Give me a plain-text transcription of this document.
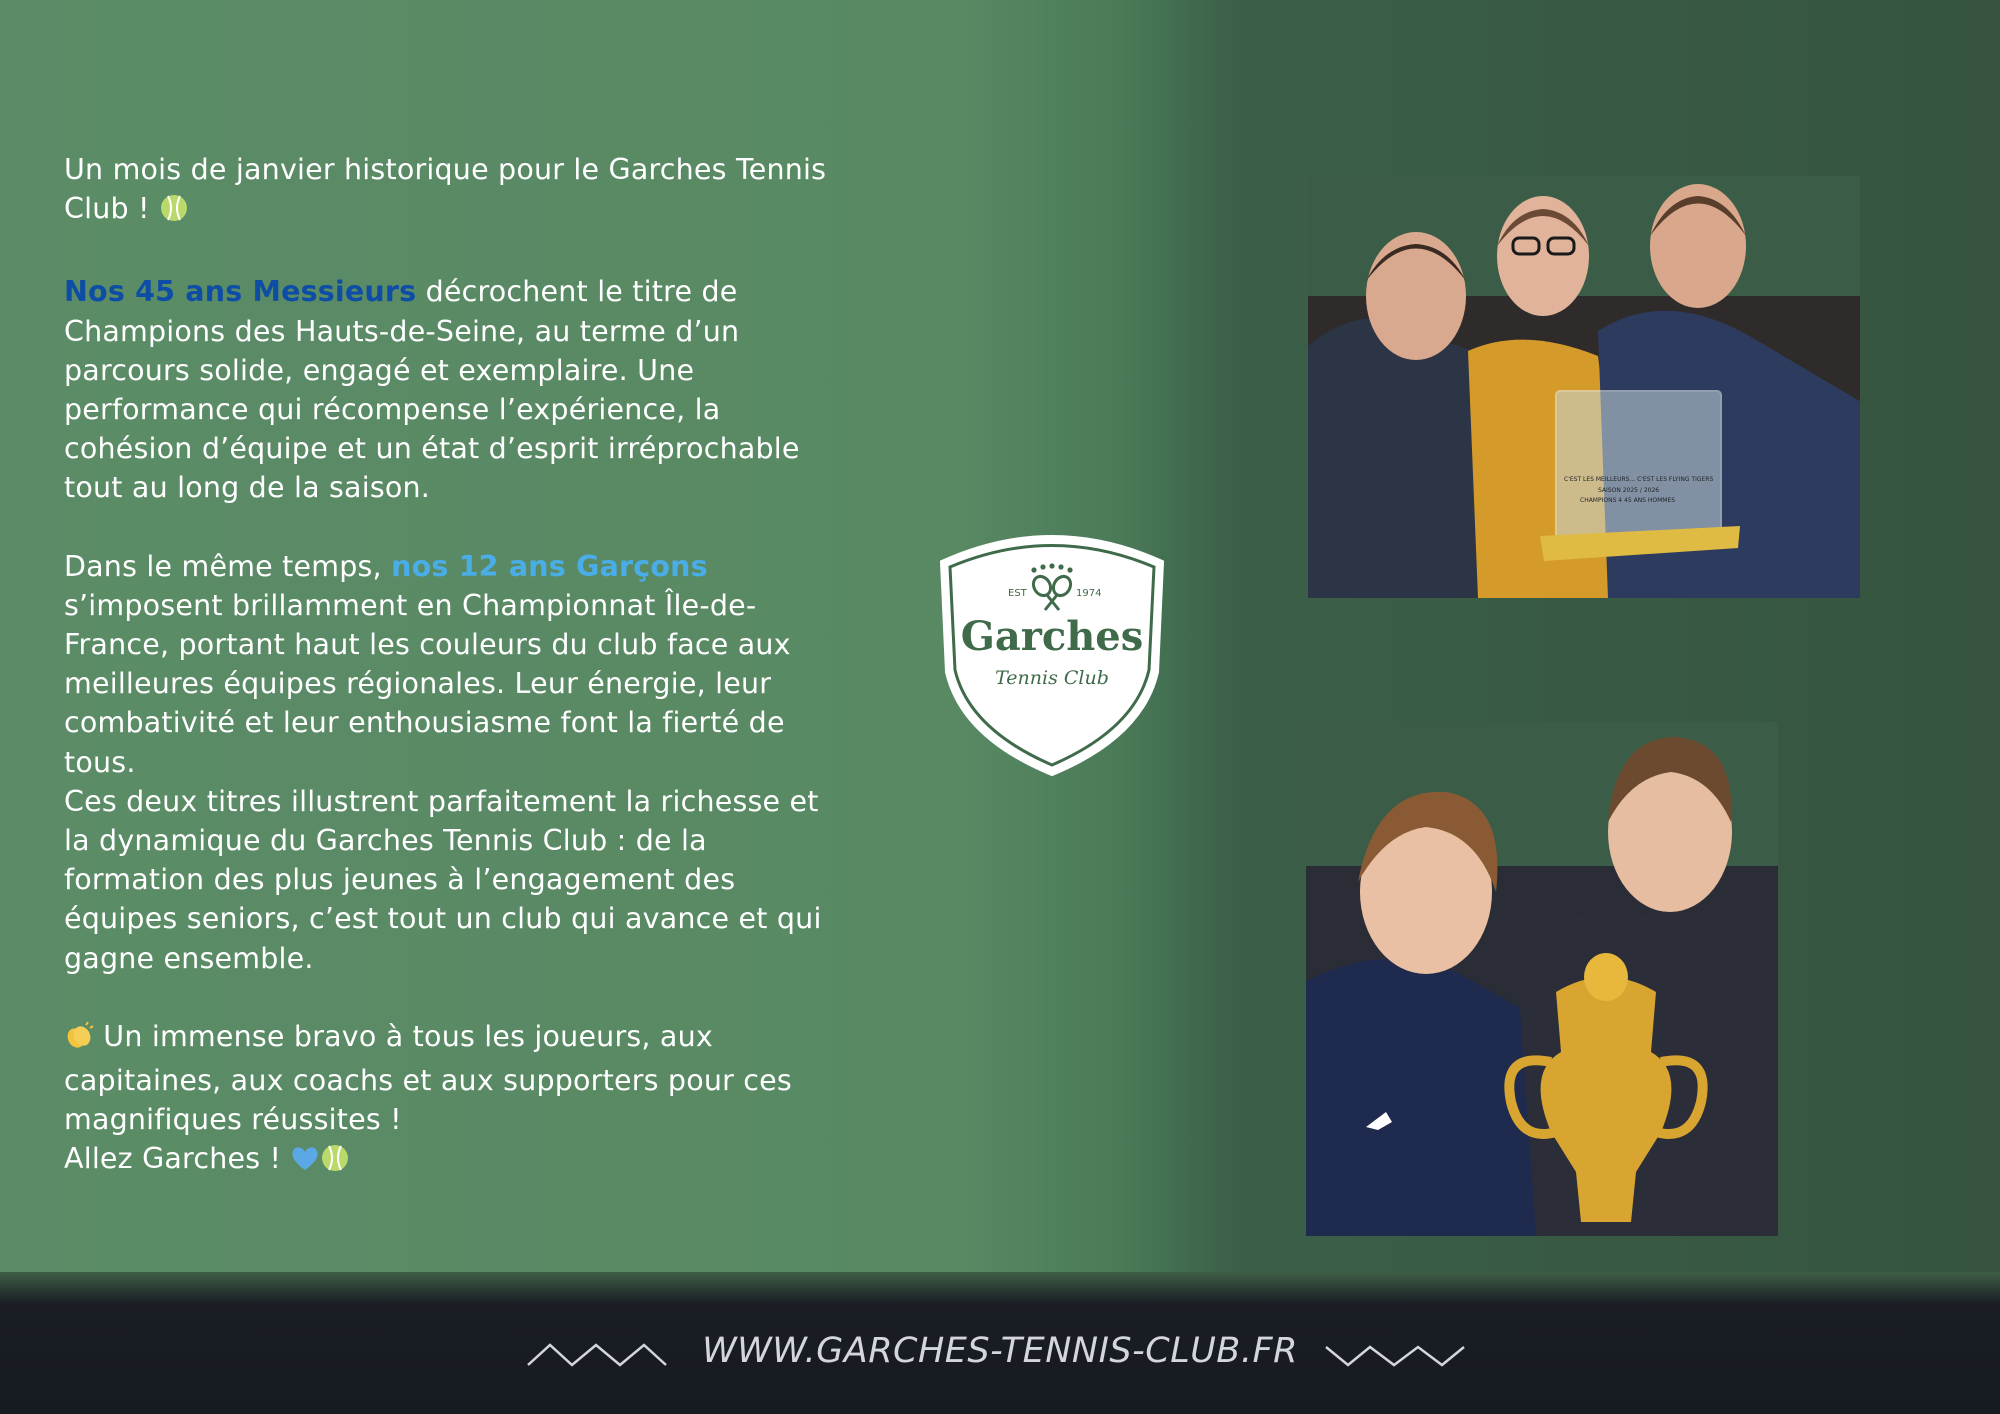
Un mois de janvier historique pour le Garches Tennis Club !

Nos 45 ans Messieurs décrochent le titre de Champions des Hauts-de-Seine, au terme d’un parcours solide, engagé et exemplaire. Une performance qui récompense l’expérience, la cohésion d’équipe et un état d’esprit irréprochable tout au long de la saison.

Dans le même temps, nos 12 ans Garçons s’imposent brillamment en Championnat Île-de-France, portant haut les couleurs du club face aux meilleures équipes régionales. Leur énergie, leur combativité et leur enthousiasme font la fierté de tous.

Ces deux titres illustrent parfaitement la richesse et la dynamique du Garches Tennis Club : de la formation des plus jeunes à l’engagement des équipes seniors, c’est tout un club qui avance et qui gagne ensemble.

Un immense bravo à tous les joueurs, aux capitaines, aux coachs et aux supporters pour ces magnifiques réussites !

Allez Garches !

EST	1974
Garches
Tennis Club
C'EST LES MEILLEURS... C'EST LES FLYING TIGERS
SAISON 2025 / 2026
CHAMPIONS 4 45 ANS HOMMES
WWW.GARCHES-TENNIS-CLUB.FR
